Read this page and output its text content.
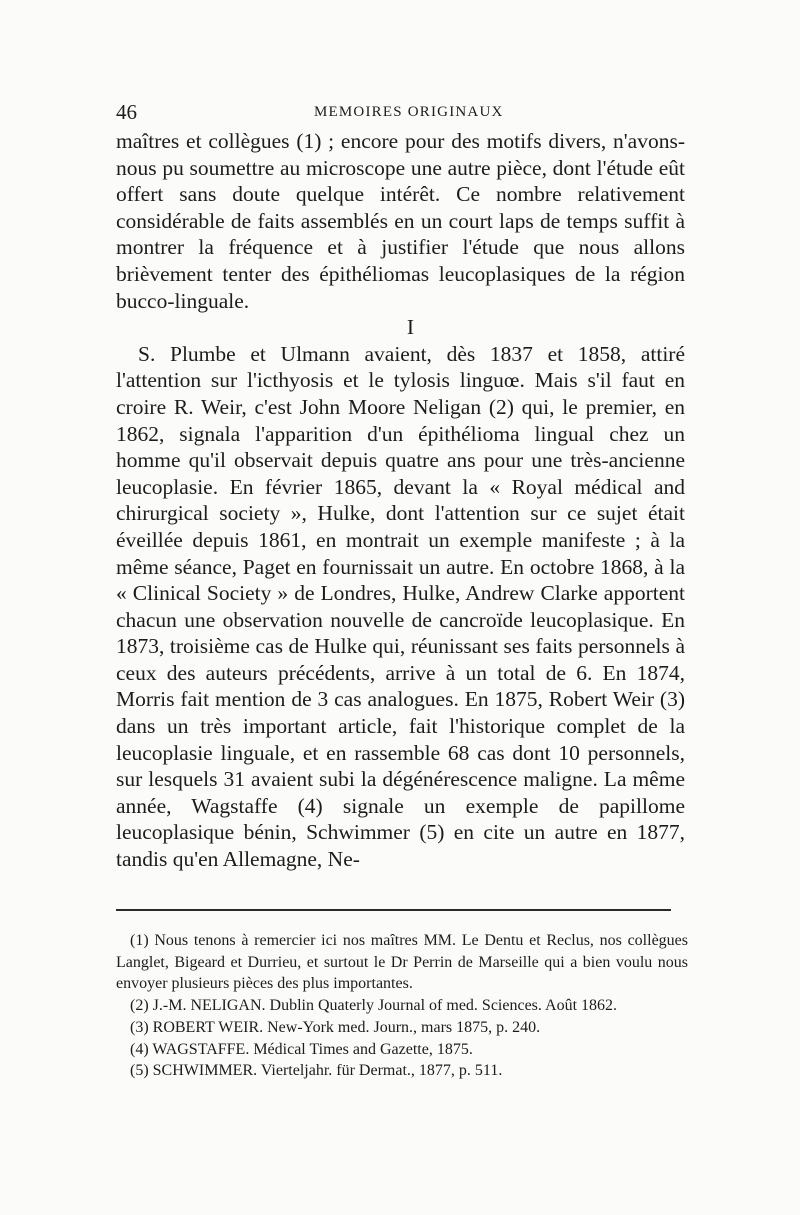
46	MEMOIRES ORIGINAUX

maîtres et collègues (1) ; encore pour des motifs divers, n'avons-nous pu soumettre au microscope une autre pièce, dont l'étude eût offert sans doute quelque intérêt. Ce nombre relativement considérable de faits assemblés en un court laps de temps suffit à montrer la fréquence et à justifier l'étude que nous allons brièvement tenter des épithéliomas leucoplasiques de la région bucco-linguale.

I

S. Plumbe et Ulmann avaient, dès 1837 et 1858, attiré l'attention sur l'icthyosis et le tylosis linguœ. Mais s'il faut en croire R. Weir, c'est John Moore Neligan (2) qui, le premier, en 1862, signala l'apparition d'un épithélioma lingual chez un homme qu'il observait depuis quatre ans pour une très-ancienne leucoplasie. En février 1865, devant la « Royal médical and chirurgical society », Hulke, dont l'attention sur ce sujet était éveillée depuis 1861, en montrait un exemple manifeste ; à la même séance, Paget en fournissait un autre. En octobre 1868, à la « Clinical Society » de Londres, Hulke, Andrew Clarke apportent chacun une observation nouvelle de cancroïde leucoplasique. En 1873, troisième cas de Hulke qui, réunissant ses faits personnels à ceux des auteurs précédents, arrive à un total de 6. En 1874, Morris fait mention de 3 cas analogues. En 1875, Robert Weir (3) dans un très important article, fait l'historique complet de la leucoplasie linguale, et en rassemble 68 cas dont 10 personnels, sur lesquels 31 avaient subi la dégénérescence maligne. La même année, Wagstaffe (4) signale un exemple de papillome leucoplasique bénin, Schwimmer (5) en cite un autre en 1877, tandis qu'en Allemagne, Ne-

(1) Nous tenons à remercier ici nos maîtres MM. Le Dentu et Reclus, nos collègues Langlet, Bigeard et Durrieu, et surtout le Dr Perrin de Marseille qui a bien voulu nous envoyer plusieurs pièces des plus importantes.

(2) J.-M. NELIGAN. Dublin Quaterly Journal of med. Sciences. Août 1862.

(3) ROBERT WEIR. New-York med. Journ., mars 1875, p. 240.

(4) WAGSTAFFE. Médical Times and Gazette, 1875.

(5) SCHWIMMER. Vierteljahr. für Dermat., 1877, p. 511.
